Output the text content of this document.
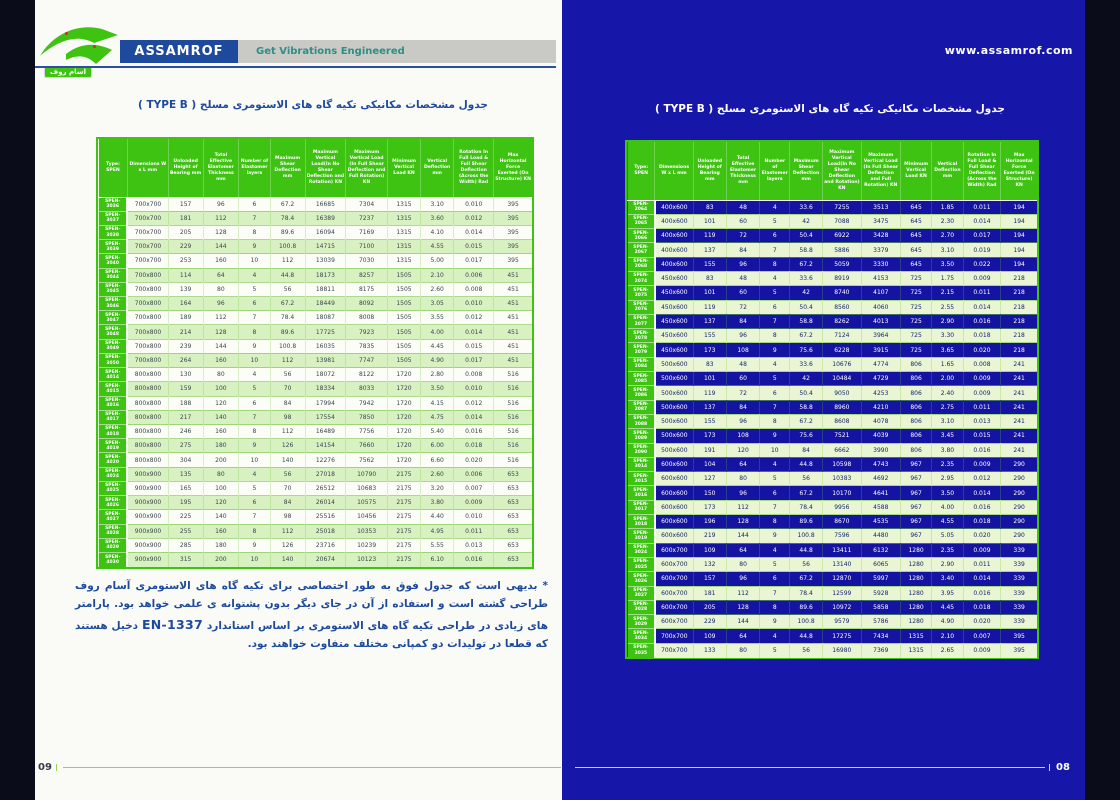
آسام روف
ASSAMROF	Get Vibrations Engineered
جدول مشخصات مکانیکی تکیه گاه های الاستومری مسلح ( TYPE B )
Type: SPEN	Dimensions W x L mm	Unloaded Height of Bearing mm	Total Effective Elastomer Thickness mm	Number of Elastomer layers	Maximum Shear Deflection mm	Maximum Vertical Load(In No Shear Deflection and Rotation) KN	Maximum Vertical Load (In Full Shear Deflection and Full Rotation) KN	Minimum Vertical Load KN	Vertical Deflection mm	Rotation In Full Load & Full Shear Deflection (Across the Width) Rad	Max Horizontal Force Exerted (On Structure) KN
SPEN-3036	700x700	157	96	6	67.2	16685	7304	1315	3.10	0.010	395
SPEN-3037	700x700	181	112	7	78.4	16389	7237	1315	3.60	0.012	395
SPEN-3038	700x700	205	128	8	89.6	16094	7169	1315	4.10	0.014	395
SPEN-3039	700x700	229	144	9	100.8	14715	7100	1315	4.55	0.015	395
SPEN-3040	700x700	253	160	10	112	13039	7030	1315	5.00	0.017	395
SPEN-3044	700x800	114	64	4	44.8	18173	8257	1505	2.10	0.006	451
SPEN-3045	700x800	139	80	5	56	18811	8175	1505	2.60	0.008	451
SPEN-3046	700x800	164	96	6	67.2	18449	8092	1505	3.05	0.010	451
SPEN-3047	700x800	189	112	7	78.4	18087	8008	1505	3.55	0.012	451
SPEN-3048	700x800	214	128	8	89.6	17725	7923	1505	4.00	0.014	451
SPEN-3049	700x800	239	144	9	100.8	16035	7835	1505	4.45	0.015	451
SPEN-3050	700x800	264	160	10	112	13981	7747	1505	4.90	0.017	451
SPEN-4014	800x800	130	80	4	56	18072	8122	1720	2.80	0.008	516
SPEN-4015	800x800	159	100	5	70	18334	8033	1720	3.50	0.010	516
SPEN-4016	800x800	188	120	6	84	17994	7942	1720	4.15	0.012	516
SPEN-4017	800x800	217	140	7	98	17554	7850	1720	4.75	0.014	516
SPEN-4018	800x800	246	160	8	112	16489	7756	1720	5.40	0.016	516
SPEN-4019	800x800	275	180	9	126	14154	7660	1720	6.00	0.018	516
SPEN-4020	800x800	304	200	10	140	12276	7562	1720	6.60	0.020	516
SPEN-4024	900x900	135	80	4	56	27018	10790	2175	2.60	0.006	653
SPEN-4025	900x900	165	100	5	70	26512	10683	2175	3.20	0.007	653
SPEN-4026	900x900	195	120	6	84	26014	10575	2175	3.80	0.009	653
SPEN-4027	900x900	225	140	7	98	25516	10456	2175	4.40	0.010	653
SPEN-4028	900x900	255	160	8	112	25018	10353	2175	4.95	0.011	653
SPEN-4029	900x900	285	180	9	126	23716	10239	2175	5.55	0.013	653
SPEN-4030	900x900	315	200	10	140	20674	10123	2175	6.10	0.016	653
* بدیهی است که جدول فوق به طور اختصاصی برای تکیه گاه های الاستومری آسام روف طراحی گشته است و استفاده از آن در جای دیگر بدون پشتوانه ی علمی خواهد بود. پارامتر های زیادی در طراحی تکیه گاه های الاستومری بر اساس استاندارد EN-1337 دخیل هستند که قطعا در تولیدات دو کمپانی مختلف متفاوت خواهند بود.
09
www.assamrof.com
جدول مشخصات مکانیکی تکیه گاه های الاستومری مسلح ( TYPE B )
Type: SPEN	Dimensions W x L mm	Unloaded Height of Bearing mm	Total Effective Elastomer Thickness mm	Number of Elastomer layers	Maximum Shear Deflection mm	Maximum Vertical Load(In No Shear Deflection and Rotation) KN	Maximum Vertical Load (In Full Shear Deflection and Full Rotation) KN	Minimum Vertical Load KN	Vertical Deflection mm	Rotation In Full Load & Full Shear Deflection (Across the Width) Rad	Max Horizontal Force Exerted (On Structure) KN
SPEN-2064	400x600	83	48	4	33.6	7255	3513	645	1.85	0.011	194
SPEN-2065	400x600	101	60	5	42	7088	3475	645	2.30	0.014	194
SPEN-2066	400x600	119	72	6	50.4	6922	3428	645	2.70	0.017	194
SPEN-2067	400x600	137	84	7	58.8	5886	3379	645	3.10	0.019	194
SPEN-2068	400x600	155	96	8	67.2	5059	3330	645	3.50	0.022	194
SPEN-2074	450x600	83	48	4	33.6	8919	4153	725	1.75	0.009	218
SPEN-2075	450x600	101	60	5	42	8740	4107	725	2.15	0.011	218
SPEN-2076	450x600	119	72	6	50.4	8560	4060	725	2.55	0.014	218
SPEN-2077	450x600	137	84	7	58.8	8262	4013	725	2.90	0.016	218
SPEN-2078	450x600	155	96	8	67.2	7124	3964	725	3.30	0.018	218
SPEN-2079	450x600	173	108	9	75.6	6228	3915	725	3.65	0.020	218
SPEN-2084	500x600	83	48	4	33.6	10676	4774	806	1.65	0.008	241
SPEN-2085	500x600	101	60	5	42	10484	4729	806	2.00	0.009	241
SPEN-2086	500x600	119	72	6	50.4	9050	4253	806	2.40	0.009	241
SPEN-2087	500x600	137	84	7	58.8	8960	4210	806	2.75	0.011	241
SPEN-2088	500x600	155	96	8	67.2	8608	4078	806	3.10	0.013	241
SPEN-2089	500x600	173	108	9	75.6	7521	4039	806	3.45	0.015	241
SPEN-2090	500x600	191	120	10	84	6662	3990	806	3.80	0.016	241
SPEN-3014	600x600	104	64	4	44.8	10598	4743	967	2.35	0.009	290
SPEN-3015	600x600	127	80	5	56	10383	4692	967	2.95	0.012	290
SPEN-3016	600x600	150	96	6	67.2	10170	4641	967	3.50	0.014	290
SPEN-3017	600x600	173	112	7	78.4	9956	4588	967	4.00	0.016	290
SPEN-3018	600x600	196	128	8	89.6	8670	4535	967	4.55	0.018	290
SPEN-3019	600x600	219	144	9	100.8	7596	4480	967	5.05	0.020	290
SPEN-3024	600x700	109	64	4	44.8	13411	6132	1280	2.35	0.009	339
SPEN-3025	600x700	132	80	5	56	13140	6065	1280	2.90	0.011	339
SPEN-3026	600x700	157	96	6	67.2	12870	5997	1280	3.40	0.014	339
SPEN-3027	600x700	181	112	7	78.4	12599	5928	1280	3.95	0.016	339
SPEN-3028	600x700	205	128	8	89.6	10972	5858	1280	4.45	0.018	339
SPEN-3029	600x700	229	144	9	100.8	9579	5786	1280	4.90	0.020	339
SPEN-3034	700x700	109	64	4	44.8	17275	7434	1315	2.10	0.007	395
SPEN-3035	700x700	133	80	5	56	16980	7369	1315	2.65	0.009	395
08
